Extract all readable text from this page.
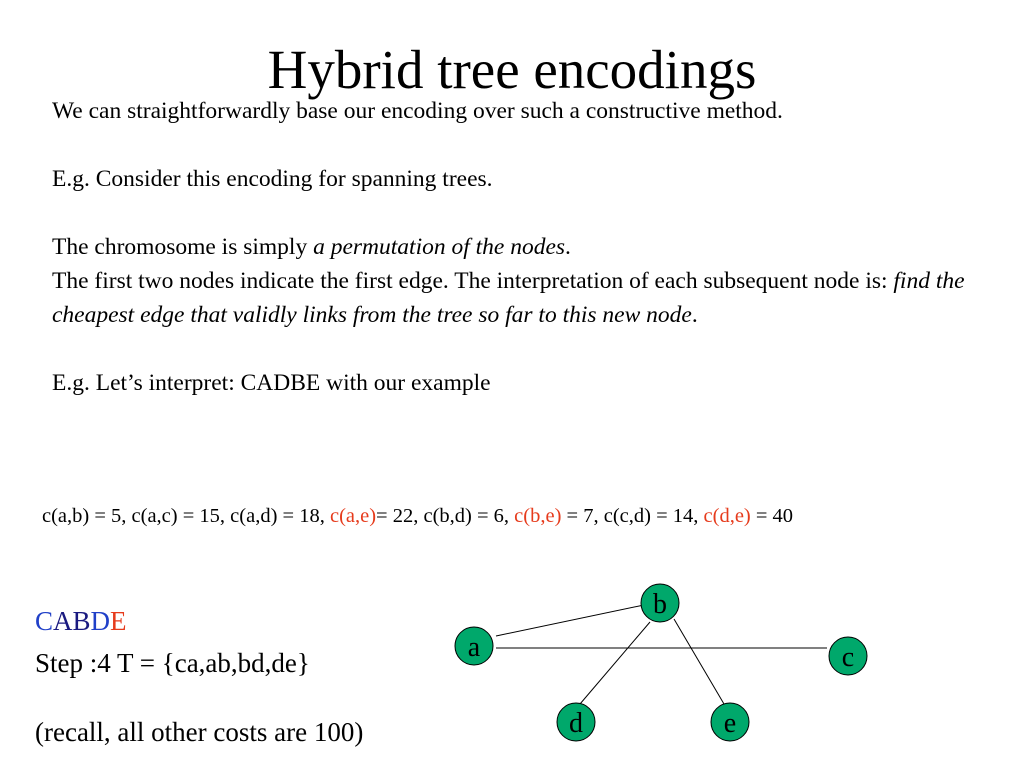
Hybrid tree encodings

We can straightforwardly base our encoding over such a constructive method.

E.g. Consider this encoding for spanning trees.

The chromosome is simply a permutation of the nodes.

The first two nodes indicate the first edge. The interpretation of each subsequent node is: find the cheapest edge that validly links from the tree so far to this new node.

E.g. Let’s interpret: CADBE with our example

c(a,b) = 5, c(a,c) = 15, c(a,d) = 18, c(a,e)= 22, c(b,d) = 6, c(b,e) = 7, c(c,d) = 14, c(d,e) = 40
CABDE
Step :4 T = {ca,ab,bd,de}
(recall, all other costs are 100)
b
a	c
d	e
